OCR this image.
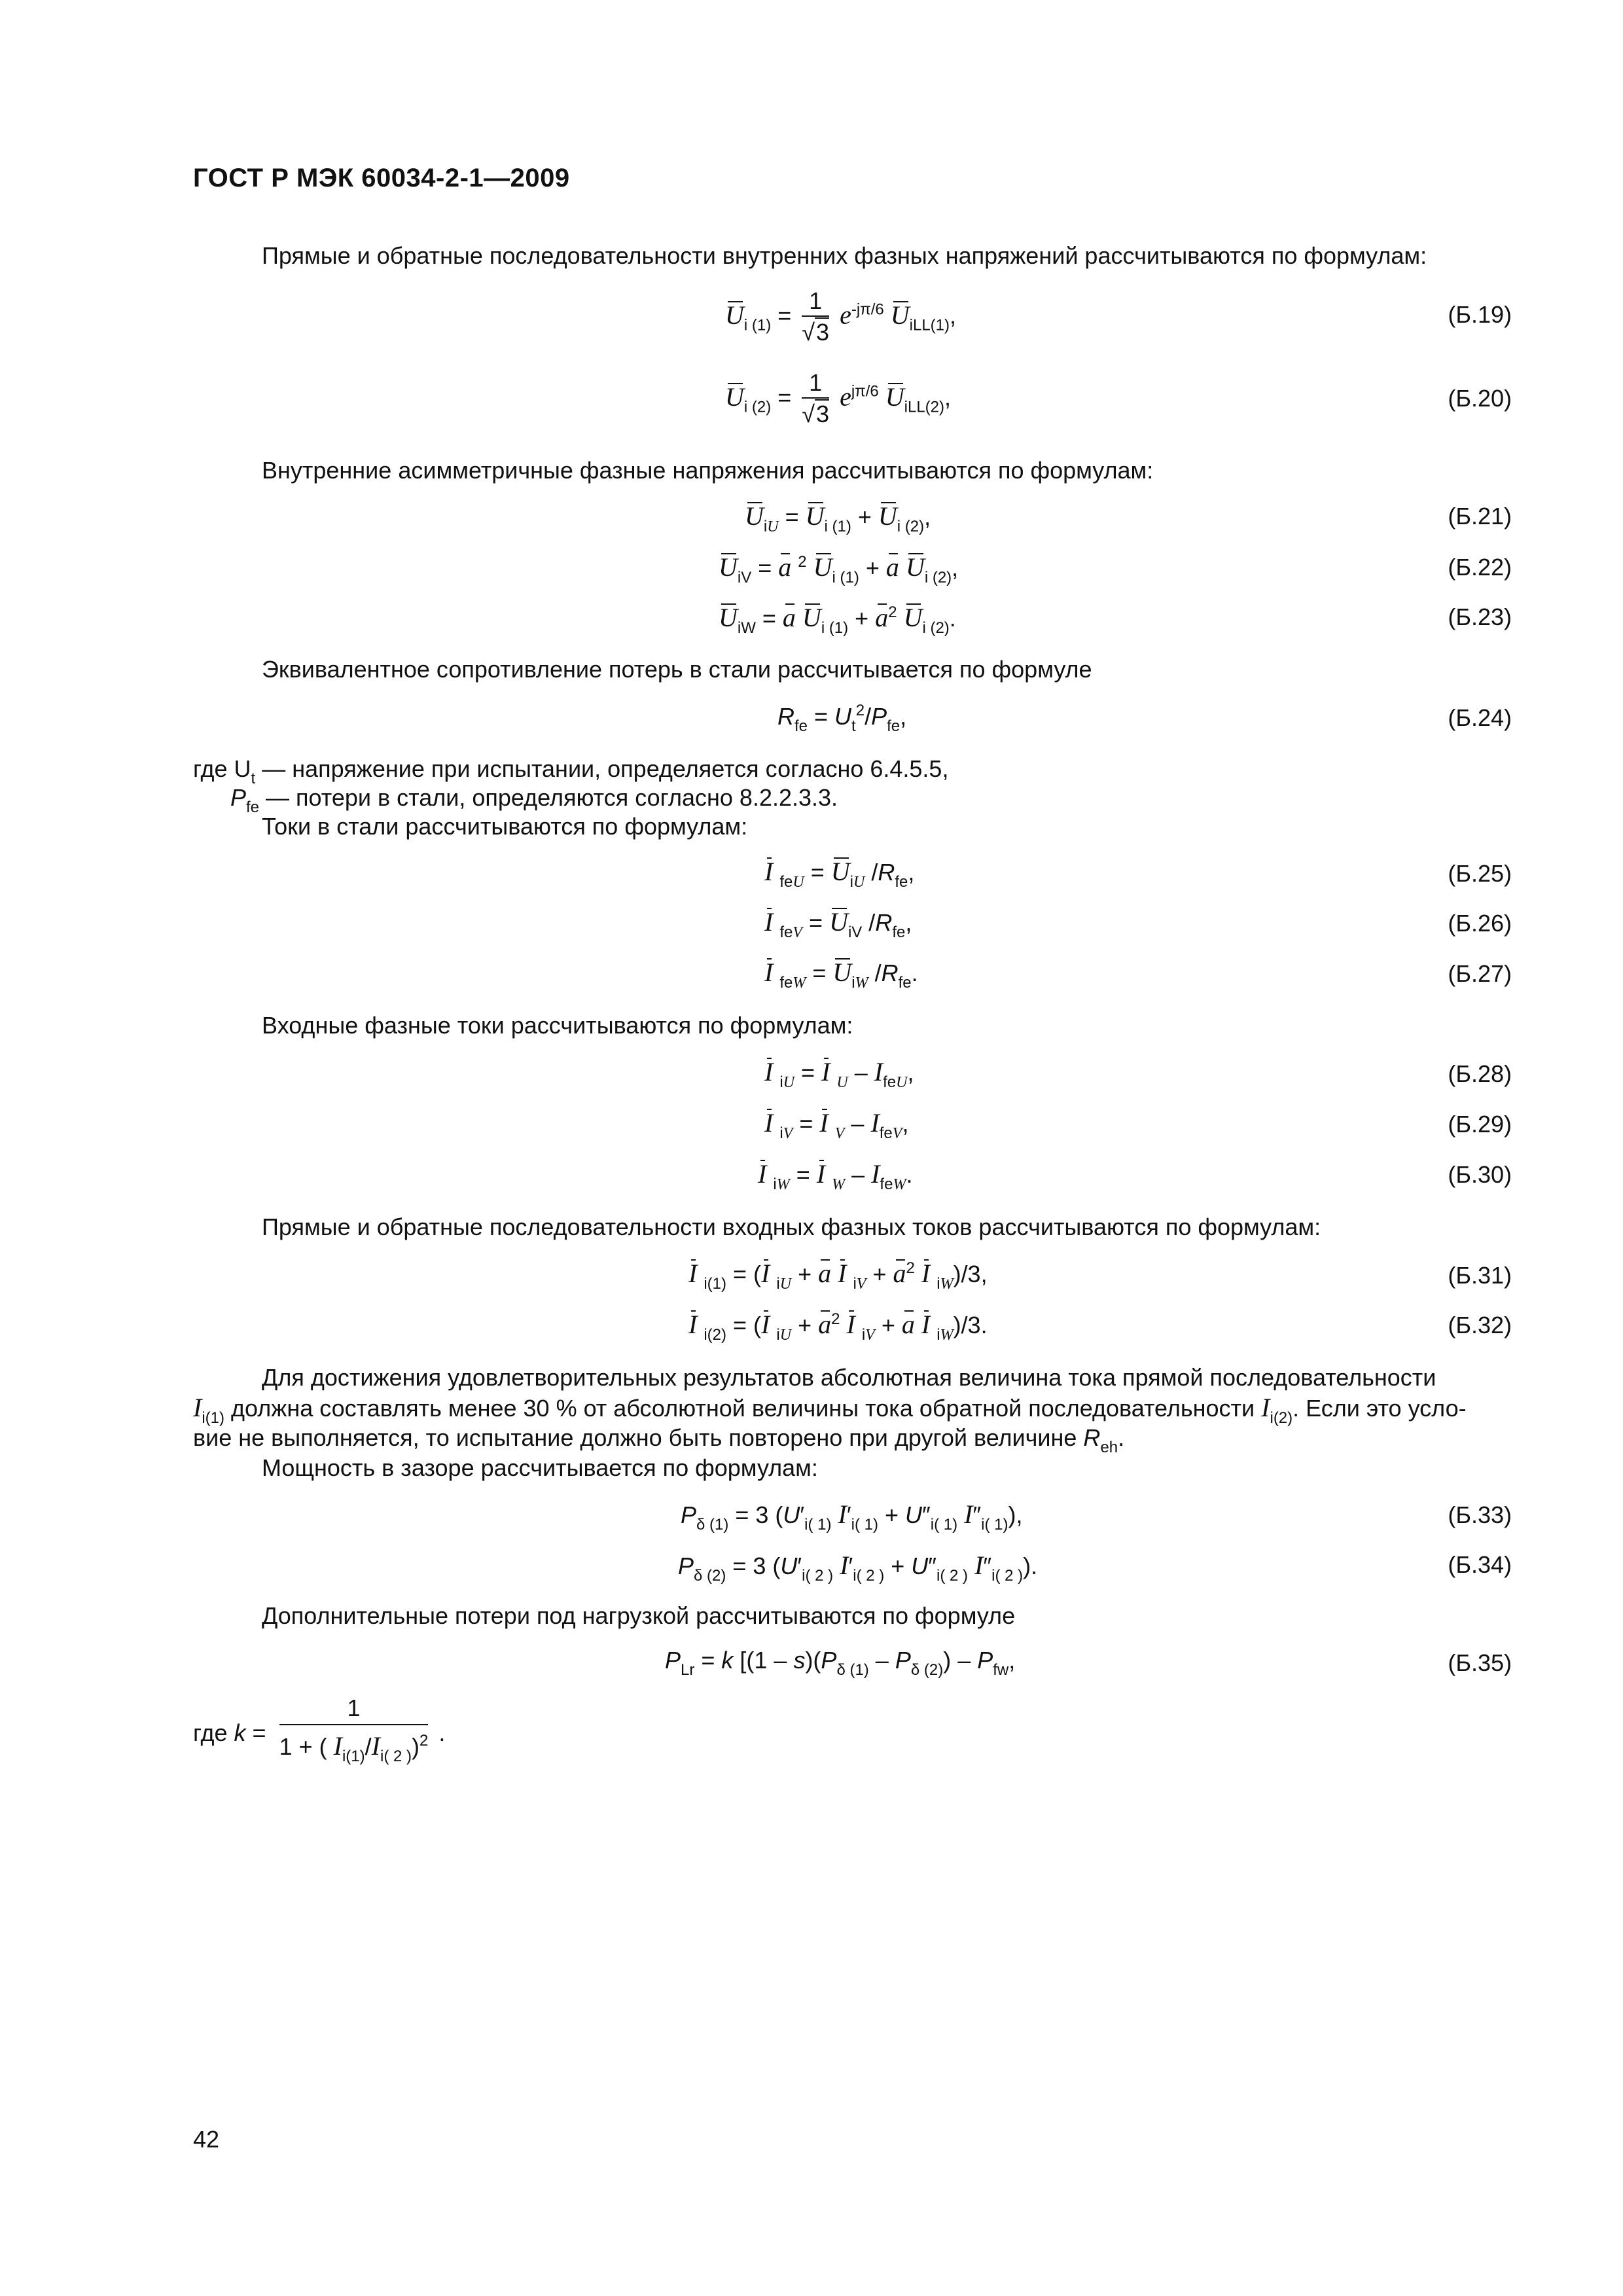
ГОСТ Р МЭК 60034-2-1—2009
Прямые и обратные последовательности внутренних фазных напряжений рассчитываются по формулам:
$U_{i (1)} = \frac{1}{√3} e^{-j\pi/6}$ $U_{iLL(1)}$,	(Б.19)
$U_{i (2)} = \frac{1}{√3} e^{j\pi/6}$ $U_{iLL(2)}$,	(Б.20)
Внутренние асимметричные фазные напряжения рассчитываются по формулам:
$U_{iU} = U_{i (1)} + U_{i (2)}$,	(Б.21)
$U_{iV} = a$ $^2$ $U_{i (1)} + a$ $U_{i (2)}$,	(Б.22)
$U_{iW} = a$ $U_{i (1)} + a^2$ $U_{i (2)}$.	(Б.23)
Эквивалентное сопротивление потерь в стали рассчитывается по формуле
$R_{fe} = U_t^2/P_{fe}$,	(Б.24)
где $U_t$ — напряжение при испытании, определяется согласно 6.4.5.5,
$P_{fe}$ — потери в стали, определяются согласно 8.2.2.3.3.
Токи в стали рассчитываются по формулам:
I $_{feU} = U_{iU}$ $/R_{fe}$,	(Б.25)
I $_{feV} = U_{iV}$ $/R_{fe}$,	(Б.26)
I $_{feW} = U_{iW}$ $/R_{fe}$.	(Б.27)
Входные фазные токи рассчитываются по формулам:
I $_{iU}$ = I $_U - I_{feU}$,	(Б.28)
I $_{iV}$ = I $_V - I_{feV}$,	(Б.29)
I $_{iW}$ = I $_W - I_{feW}$.	(Б.30)
Прямые и обратные последовательности входных фазных токов рассчитываются по формулам:
I $_{i(1)}$ = (I $_{iU}$ + a I $_{iV} + a^2$ I $_{iW}$)/3,	(Б.31)
I $_{i(2)}$ = (I $_{iU} + a^2$ I $_{iV}$ + a I $_{iW}$)/3.	(Б.32)
Для достижения удовлетворительных результатов абсолютная величина тока прямой последовательности
$I_{i(1)}$ должна составлять менее 30 % от абсолютной величины тока обратной последовательности $I_{i(2)}$. Если это усло-
вие не выполняется, то испытание должно быть повторено при другой величине $R_{eh}$.
Мощность в зазоре рассчитывается по формулам:
$P_{\delta (1)} = 3$ ($U'_{i( 1)}$ $I'_{i( 1)} + U''_{i( 1)}$ $I''_{i( 1)}$),	(Б.33)
$P_{\delta (2)} = 3$ ($U'_{i( 2 )}$ $I'_{i( 2 )} + U''_{i( 2 )}$ $I''_{i( 2 )}$).	(Б.34)
Дополнительные потери под нагрузкой рассчитываются по формуле
$P_{Lr} = k$ [$(1 - s)(P_{\delta (1)} - P_{\delta (2)}) - P_{fw}$,	(Б.35)
где $k = \frac{1}{1 + ( I_{i(1)}/I_{i( 2 )})^2}$ .
42
